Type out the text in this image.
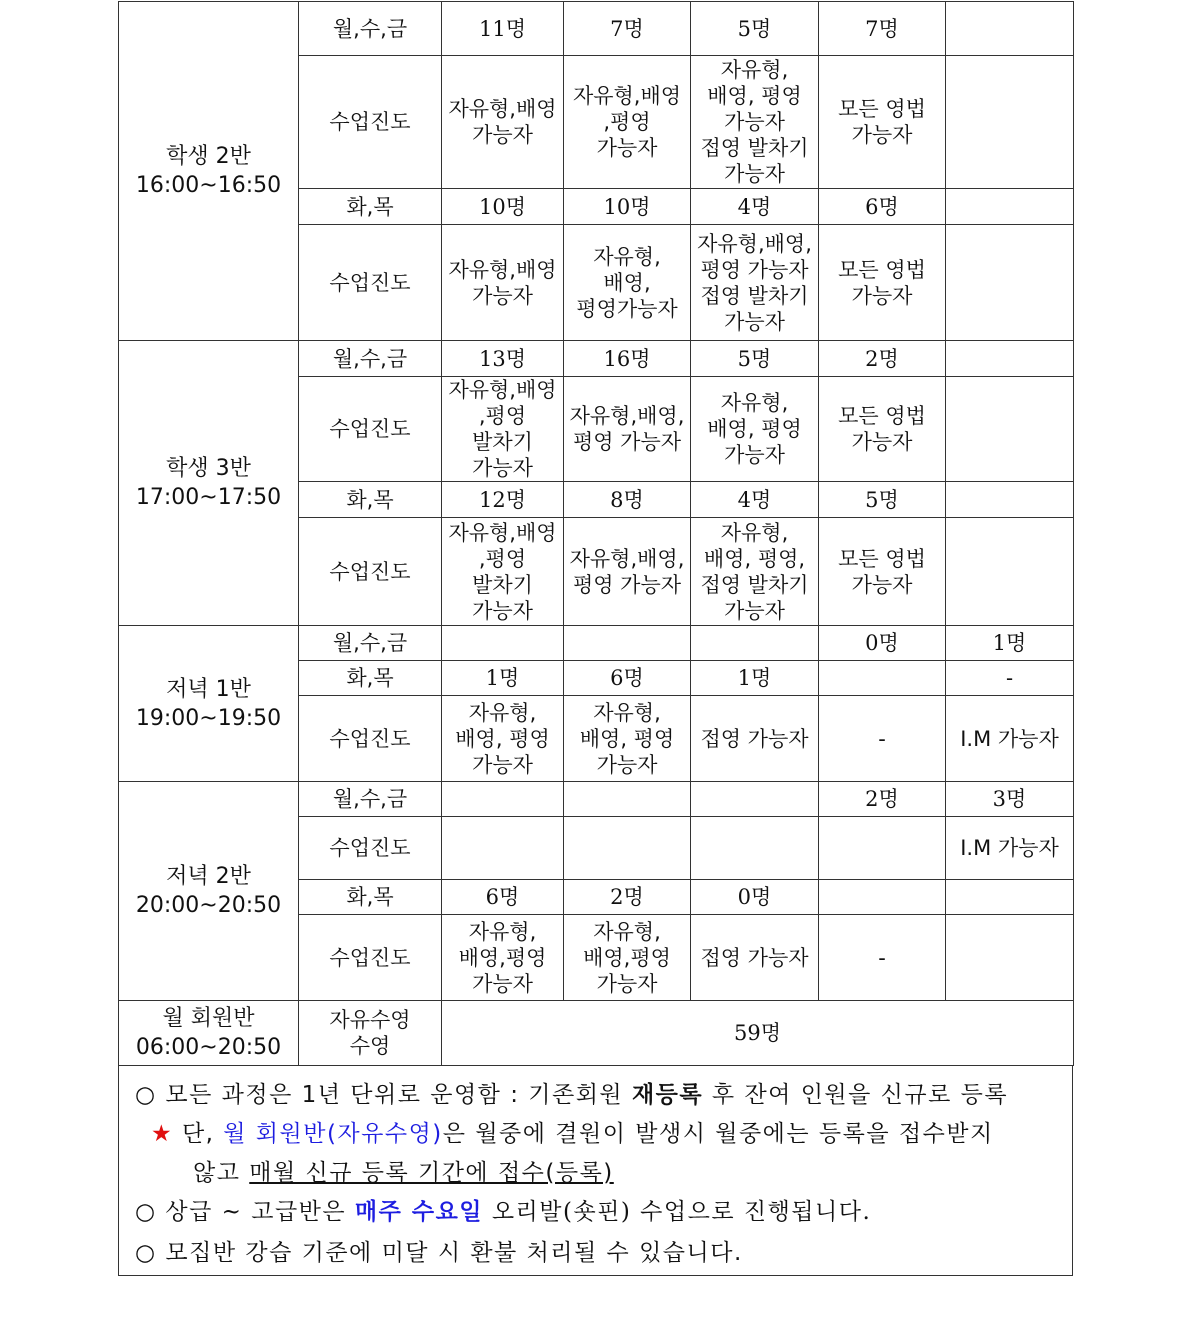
학생 2반
16:00~16:50	월,수,금	11명	7명	5명	7명	
	수업진도	자유형,배영
가능자	자유형,배영
,평영
가능자	자유형,
배영, 평영
가능자
접영 발차기
가능자	모든 영법
가능자	

	화,목	10명	10명	4명	6명	
	수업진도	자유형,배영
가능자	자유형,
배영,
평영가능자	자유형,배영,
평영 가능자
접영 발차기
가능자	모든 영법
가능자	

학생 3반
17:00~17:50	월,수,금	13명	16명	5명	2명	
	수업진도	자유형,배영
,평영
발차기
가능자	자유형,배영,
평영 가능자	자유형,
배영, 평영
가능자	모든 영법
가능자	

	화,목	12명	8명	4명	5명	
	수업진도	자유형,배영
,평영
발차기
가능자	자유형,배영,
평영 가능자	자유형,
배영, 평영,
접영 발차기
가능자	모든 영법
가능자	

저녁 1반
19:00~19:50	월,수,금				0명	1명
	화,목	1명	6명	1명		-
	수업진도	자유형,
배영, 평영
가능자	자유형,
배영, 평영
가능자	접영 가능자	-	I.M 가능자

저녁 2반
20:00~20:50	월,수,금				2명	3명
	수업진도					I.M 가능자

	화,목	6명	2명	0명		
	수업진도	자유형,
배영,평영
가능자	자유형,
배영,평영
가능자	접영 가능자	-	

월 회원반
06:00~20:50	자유수영
수영	59명				
○ 모든 과정은 1년 단위로 운영함 : 기존회원 재등록 후 잔여 인원을 신규로 등록
★ 단, 월 회원반(자유수영)은 월중에 결원이 발생시 월중에는 등록을 접수받지
않고 매월 신규 등록 기간에 접수(등록)
○ 상급 ~ 고급반은 매주 수요일 오리발(숏핀) 수업으로 진행됩니다.
○ 모집반 강습 기준에 미달 시 환불 처리될 수 있습니다.
